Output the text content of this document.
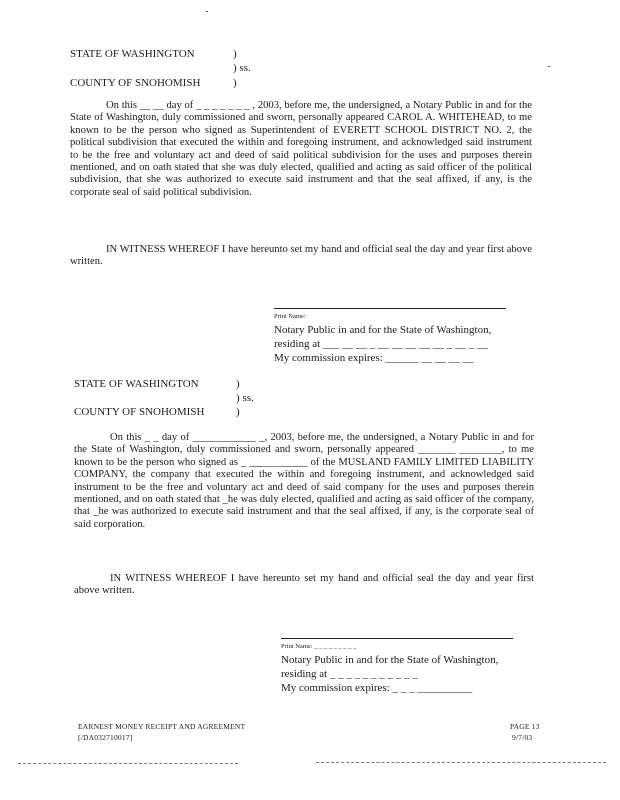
STATE OF WASHINGTON	)
) ss.
COUNTY OF SNOHOMISH	)

On this __ __ day of _ _ _ _ _ _ _ , 2003, before me, the undersigned, a Notary Public in and for the State of Washington, duly commissioned and sworn, personally appeared CAROL A. WHITEHEAD, to me known to be the person who signed as Superintendent of EVERETT SCHOOL DISTRICT NO. 2, the political subdivision that executed the within and foregoing instrument, and acknowledged said instrument to be the free and voluntary act and deed of said political subdivision for the uses and purposes therein mentioned, and on oath stated that she was duly elected, qualified and acting as said officer of the political subdivision, that she was authorized to execute said instrument and that the seal affixed, if any, is the corporate seal of said political subdivision.

IN WITNESS WHEREOF I have hereunto set my hand and official seal the day and year first above written.

Print Name:
Notary Public in and for the State of Washington,
residing at ___ __ __ _ __ __ __ __ __ _ __ _ __
My commission expires: ______ __ __ __ __
STATE OF WASHINGTON	)
) ss.
COUNTY OF SNOHOMISH	)

On this _ _ day of ____________ _, 2003, before me, the undersigned, a Notary Public in and for the State of Washington, duly commissioned and sworn, personally appeared _______ ________, to me known to be the person who signed as _ ___________ of the MUSLAND FAMILY LIMITED LIABILITY COMPANY, the company that executed the within and foregoing instrument, and acknowledged said instrument to be the free and voluntary act and deed of said company for the uses and purposes therein mentioned, and on oath stated that _he was duly elected, qualified and acting as said officer of the company, that _he was authorized to execute said instrument and that the seal affixed, if any, is the corporate seal of said corporation.

IN WITNESS WHEREOF I have hereunto set my hand and official seal the day and year first above written.

Print Name: _ _ _ _ _ _ _ _ _
Notary Public in and for the State of Washington,
residing at _ _ _ _ _ _ _ _ _ _ _
My commission expires: _ _ _ __________
EARNEST MONEY RECEIPT AND AGREEMENT
[/DA032710017]
PAGE 13
9/7/03
